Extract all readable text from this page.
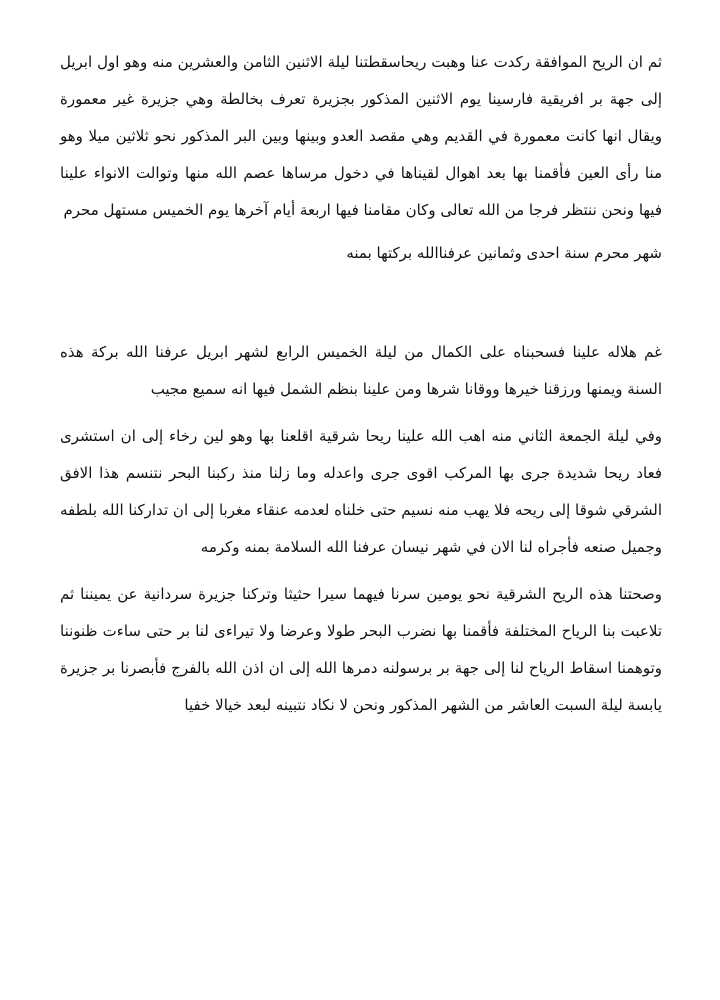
ثم ان الريح الموافقة ركدت عنا وهبت ريحاسقطتنا ليلة الاثنين الثامن والعشرين منه وهو اول ابريل إلى جهة بر افريقية فارسينا يوم الاثنين المذكور بجزيرة تعرف بخالطة وهي جزيرة غير معمورة ويقال انها كانت معمورة في القديم وهي مقصد العدو وبينها وبين البر المذكور نحو ثلاثين ميلا وهو منا رأى العين فأقمنا بها بعد اهوال لقيناها في دخول مرساها عصم الله منها وتوالت الانواء علينا فيها ونحن ننتظر فرجا من الله تعالى وكان مقامنا فيها اربعة أيام آخرها يوم الخميس مستهل محرم

شهر محرم سنة احدى وثمانين عرفناالله بركتها بمنه

غم هلاله علينا فسحبناه على الكمال من ليلة الخميس الرابع لشهر ابريل عرفنا الله بركة هذه السنة ويمنها ورزقنا خيرها ووقانا شرها ومن علينا بنظم الشمل فيها انه سميع مجيب

وفي ليلة الجمعة الثاني منه اهب الله علينا ريحا شرقية اقلعنا بها وهو لين رخاء إلى ان استشرى فعاد ريحا شديدة جرى بها المركب اقوى جرى واعدله وما زلنا منذ ركبنا البحر نتنسم هذا الافق الشرقي شوقا إلى ريحه فلا يهب منه نسيم حتى خلناه لعدمه عنقاء مغربا إلى ان تداركنا الله بلطفه وجميل صنعه فأجراه لنا الان في شهر نيسان عرفنا الله السلامة بمنه وكرمه

وصحتنا هذه الريح الشرقية نحو يومين سرنا فيهما سيرا حثيثا وتركنا جزيرة سردانية عن يميننا ثم تلاعبت بنا الرياح المختلفة فأقمنا بها نضرب البحر طولا وعرضا ولا تيراءى لنا بر حتى ساءت ظنوننا وتوهمنا اسقاط الرياح لنا إلى جهة بر برسولنه دمرها الله إلى ان اذن الله بالفرج فأبصرنا بر جزيرة يابسة ليلة السبت العاشر من الشهر المذكور ونحن لا نكاد نتبينه لبعد خيالا خفيا
